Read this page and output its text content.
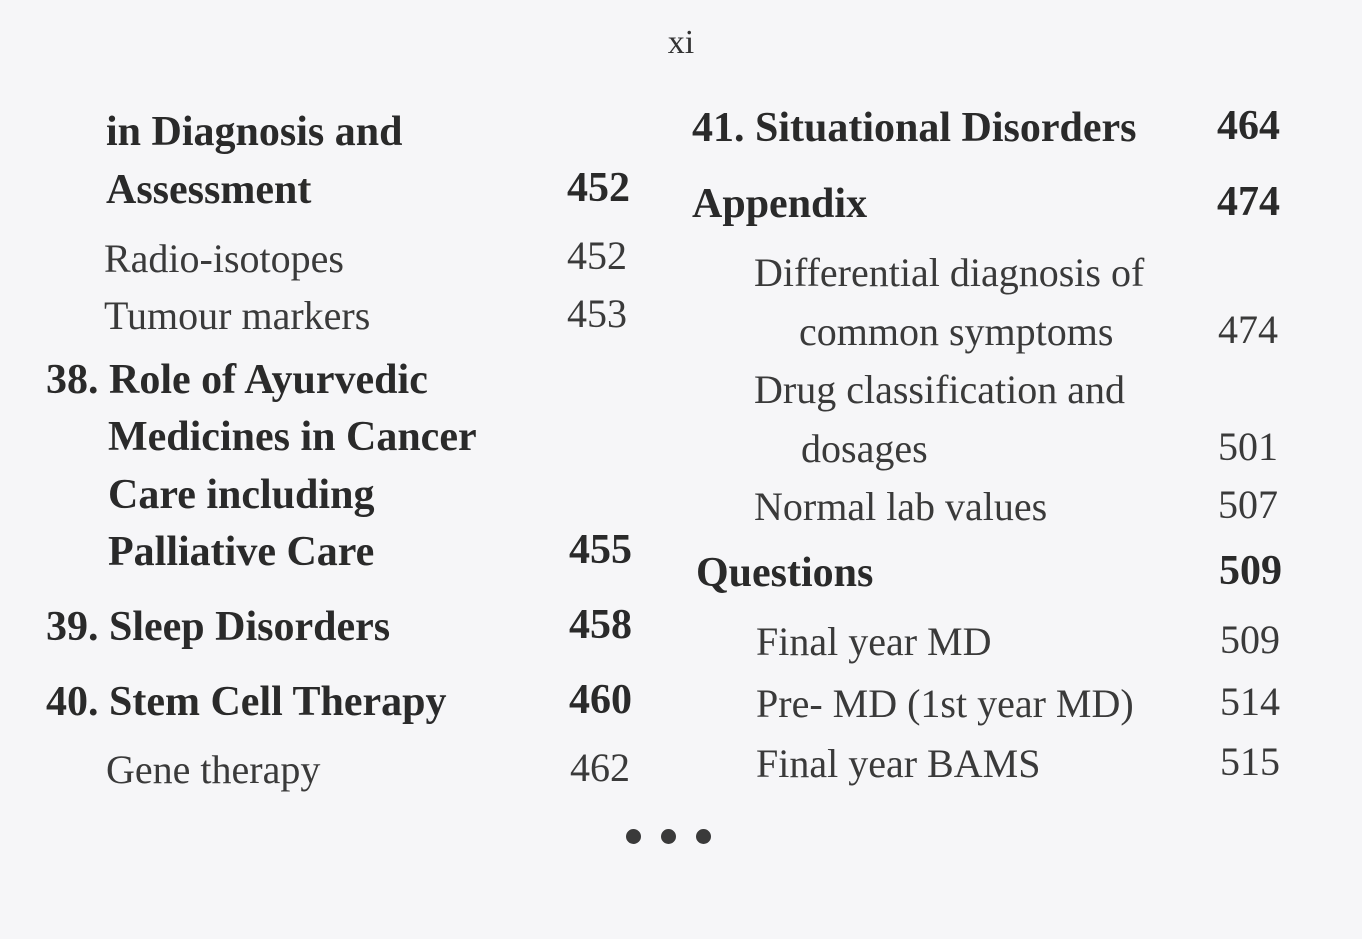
xi
in Diagnosis and
Assessment	452
Radio-isotopes	452
Tumour markers	453
38. Role of Ayurvedic
Medicines in Cancer
Care including
Palliative Care	455
39. Sleep Disorders	458
40. Stem Cell Therapy	460
Gene therapy	462
41. Situational Disorders	464
Appendix	474
Differential diagnosis of
common symptoms	474
Drug classification and
dosages	501
Normal lab values	507
Questions	509
Final year MD	509
Pre- MD (1st year MD)	514
Final year BAMS	515
